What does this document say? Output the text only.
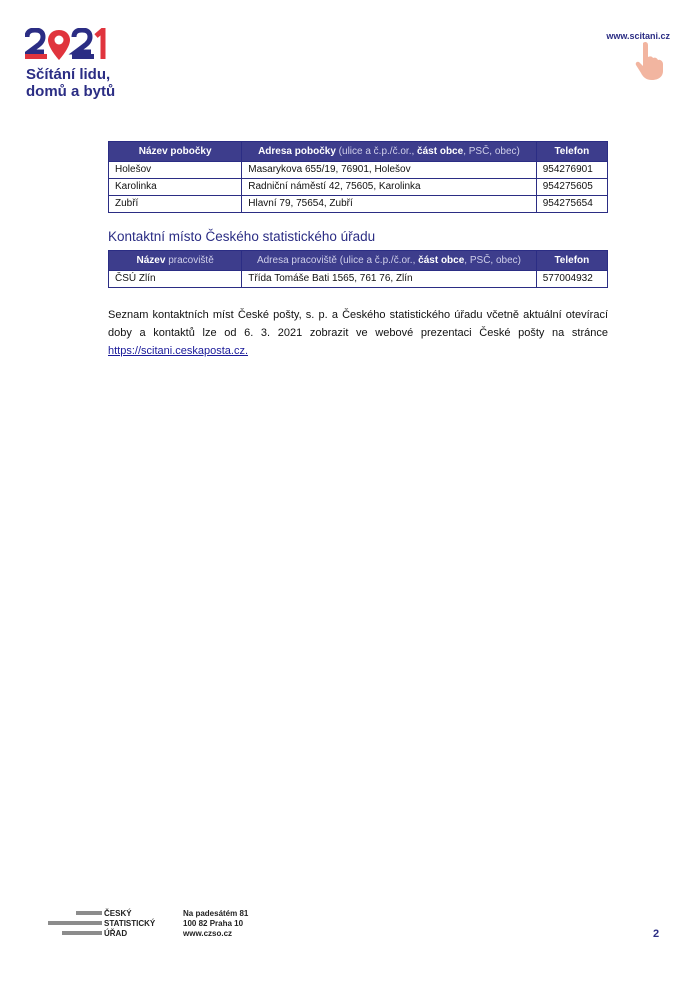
Sčítání lidu,
domů a bytů
www.scitani.cz
Název pobočky	Adresa pobočky (ulice a č.p./č.or., část obce, PSČ, obec)	Telefon
Holešov	Masarykova 655/19, 76901, Holešov	954276901
Karolinka	Radniční náměstí 42, 75605, Karolinka	954275605
Zubří	Hlavní 79, 75654, Zubří	954275654
Kontaktní místo Českého statistického úřadu
Název pracoviště	Adresa pracoviště (ulice a č.p./č.or., část obce, PSČ, obec)	Telefon
ČSÚ Zlín	Třída Tomáše Bati 1565, 761 76, Zlín	577004932
Seznam kontaktních míst České pošty, s. p. a Českého statistického úřadu včetně aktuální otevírací doby a kontaktů lze od 6. 3. 2021 zobrazit ve webové prezentaci České pošty na stránce https://scitani.ceskaposta.cz.
ČESKÝ
STATISTICKÝ
ÚŘAD
Na padesátém 81
100 82 Praha 10
www.czso.cz	2
